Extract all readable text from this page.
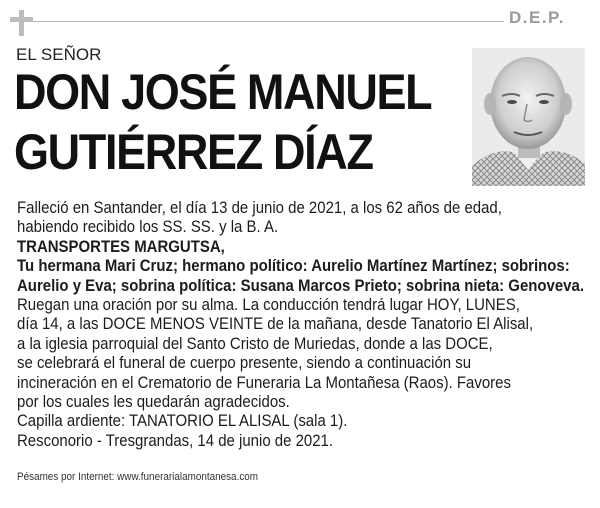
D.E.P.
EL SEÑOR
DON JOSÉ MANUEL
GUTIÉRREZ DÍAZ

Falleció en Santander, el día 13 de junio de 2021, a los 62 años de edad,

habiendo recibido los SS. SS. y la B. A.

TRANSPORTES MARGUTSA,

Tu hermana Mari Cruz; hermano político: Aurelio Martínez Martínez; sobrinos:

Aurelio y Eva; sobrina política: Susana Marcos Prieto; sobrina nieta: Genoveva.

Ruegan una oración por su alma. La conducción tendrá lugar HOY, LUNES,

día 14, a las DOCE MENOS VEINTE de la mañana, desde Tanatorio El Alisal,

a la iglesia parroquial del Santo Cristo de Muriedas, donde a las DOCE,

se celebrará el funeral de cuerpo presente, siendo a continuación su

incineración en el Crematorio de Funeraria La Montañesa (Raos). Favores

por los cuales les quedarán agradecidos.

Capilla ardiente: TANATORIO EL ALISAL (sala 1).

Resconorio - Tresgrandas, 14 de junio de 2021.

Pésames por Internet: www.funerarialamontanesa.com
